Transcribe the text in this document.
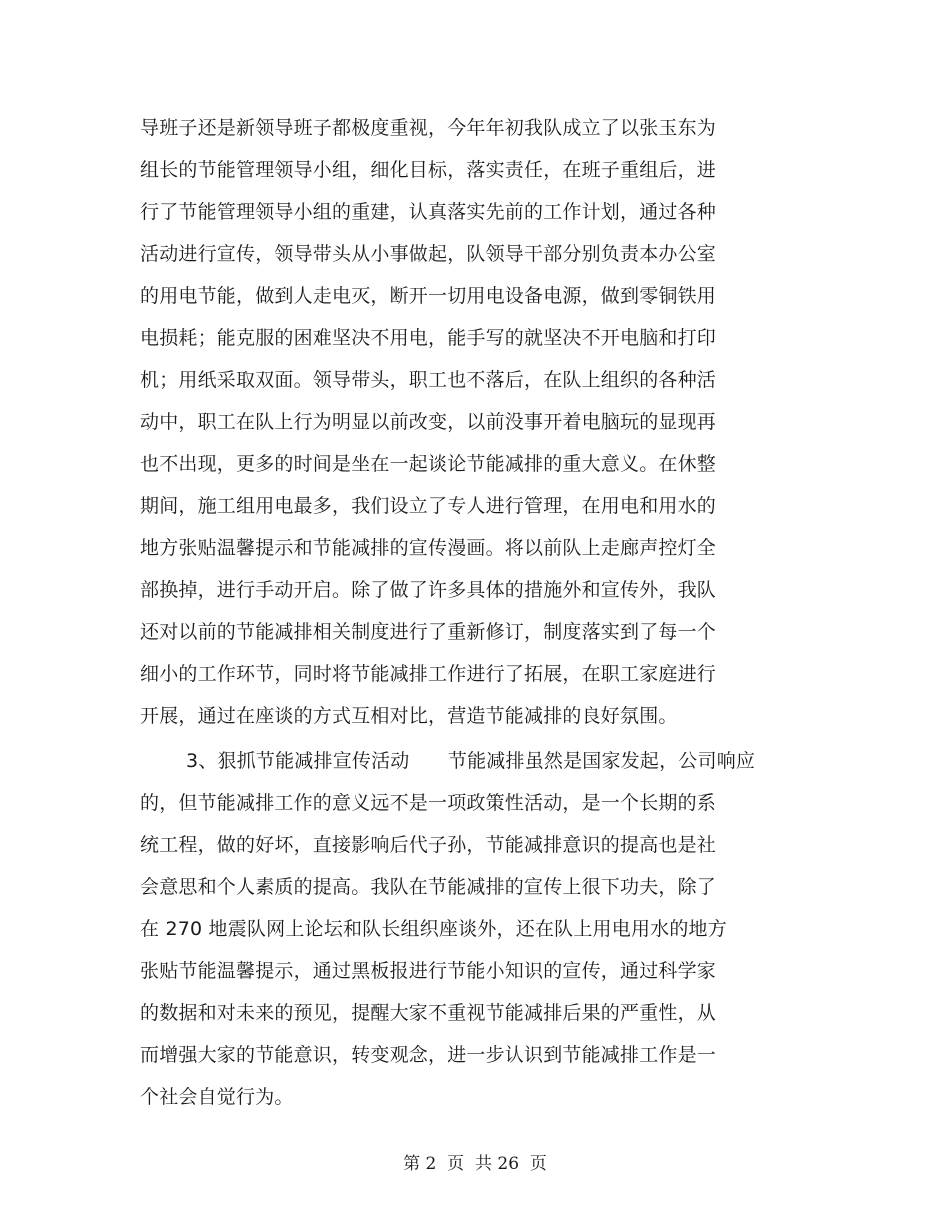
导班子还是新领导班子都极度重视，今年年初我队成立了以张玉东为
组长的节能管理领导小组，细化目标，落实责任，在班子重组后，进
行了节能管理领导小组的重建，认真落实先前的工作计划，通过各种
活动进行宣传，领导带头从小事做起，队领导干部分别负责本办公室
的用电节能，做到人走电灭，断开一切用电设备电源，做到零铜铁用
电损耗；能克服的困难坚决不用电，能手写的就坚决不开电脑和打印
机；用纸采取双面。领导带头，职工也不落后，在队上组织的各种活
动中，职工在队上行为明显以前改变，以前没事开着电脑玩的显现再
也不出现，更多的时间是坐在一起谈论节能减排的重大意义。在休整
期间，施工组用电最多，我们设立了专人进行管理，在用电和用水的
地方张贴温馨提示和节能减排的宣传漫画。将以前队上走廊声控灯全
部换掉，进行手动开启。除了做了许多具体的措施外和宣传外，我队
还对以前的节能减排相关制度进行了重新修订，制度落实到了每一个
细小的工作环节，同时将节能减排工作进行了拓展，在职工家庭进行
开展，通过在座谈的方式互相对比，营造节能减排的良好氛围。
3、狠抓节能减排宣传活动　　节能减排虽然是国家发起，公司响应
的，但节能减排工作的意义远不是一项政策性活动，是一个长期的系
统工程，做的好坏，直接影响后代子孙，节能减排意识的提高也是社
会意思和个人素质的提高。我队在节能减排的宣传上很下功夫，除了
在 270 地震队网上论坛和队长组织座谈外，还在队上用电用水的地方
张贴节能温馨提示，通过黑板报进行节能小知识的宣传，通过科学家
的数据和对未来的预见，提醒大家不重视节能减排后果的严重性，从
而增强大家的节能意识，转变观念，进一步认识到节能减排工作是一
个社会自觉行为。
第 2  页  共 26  页
